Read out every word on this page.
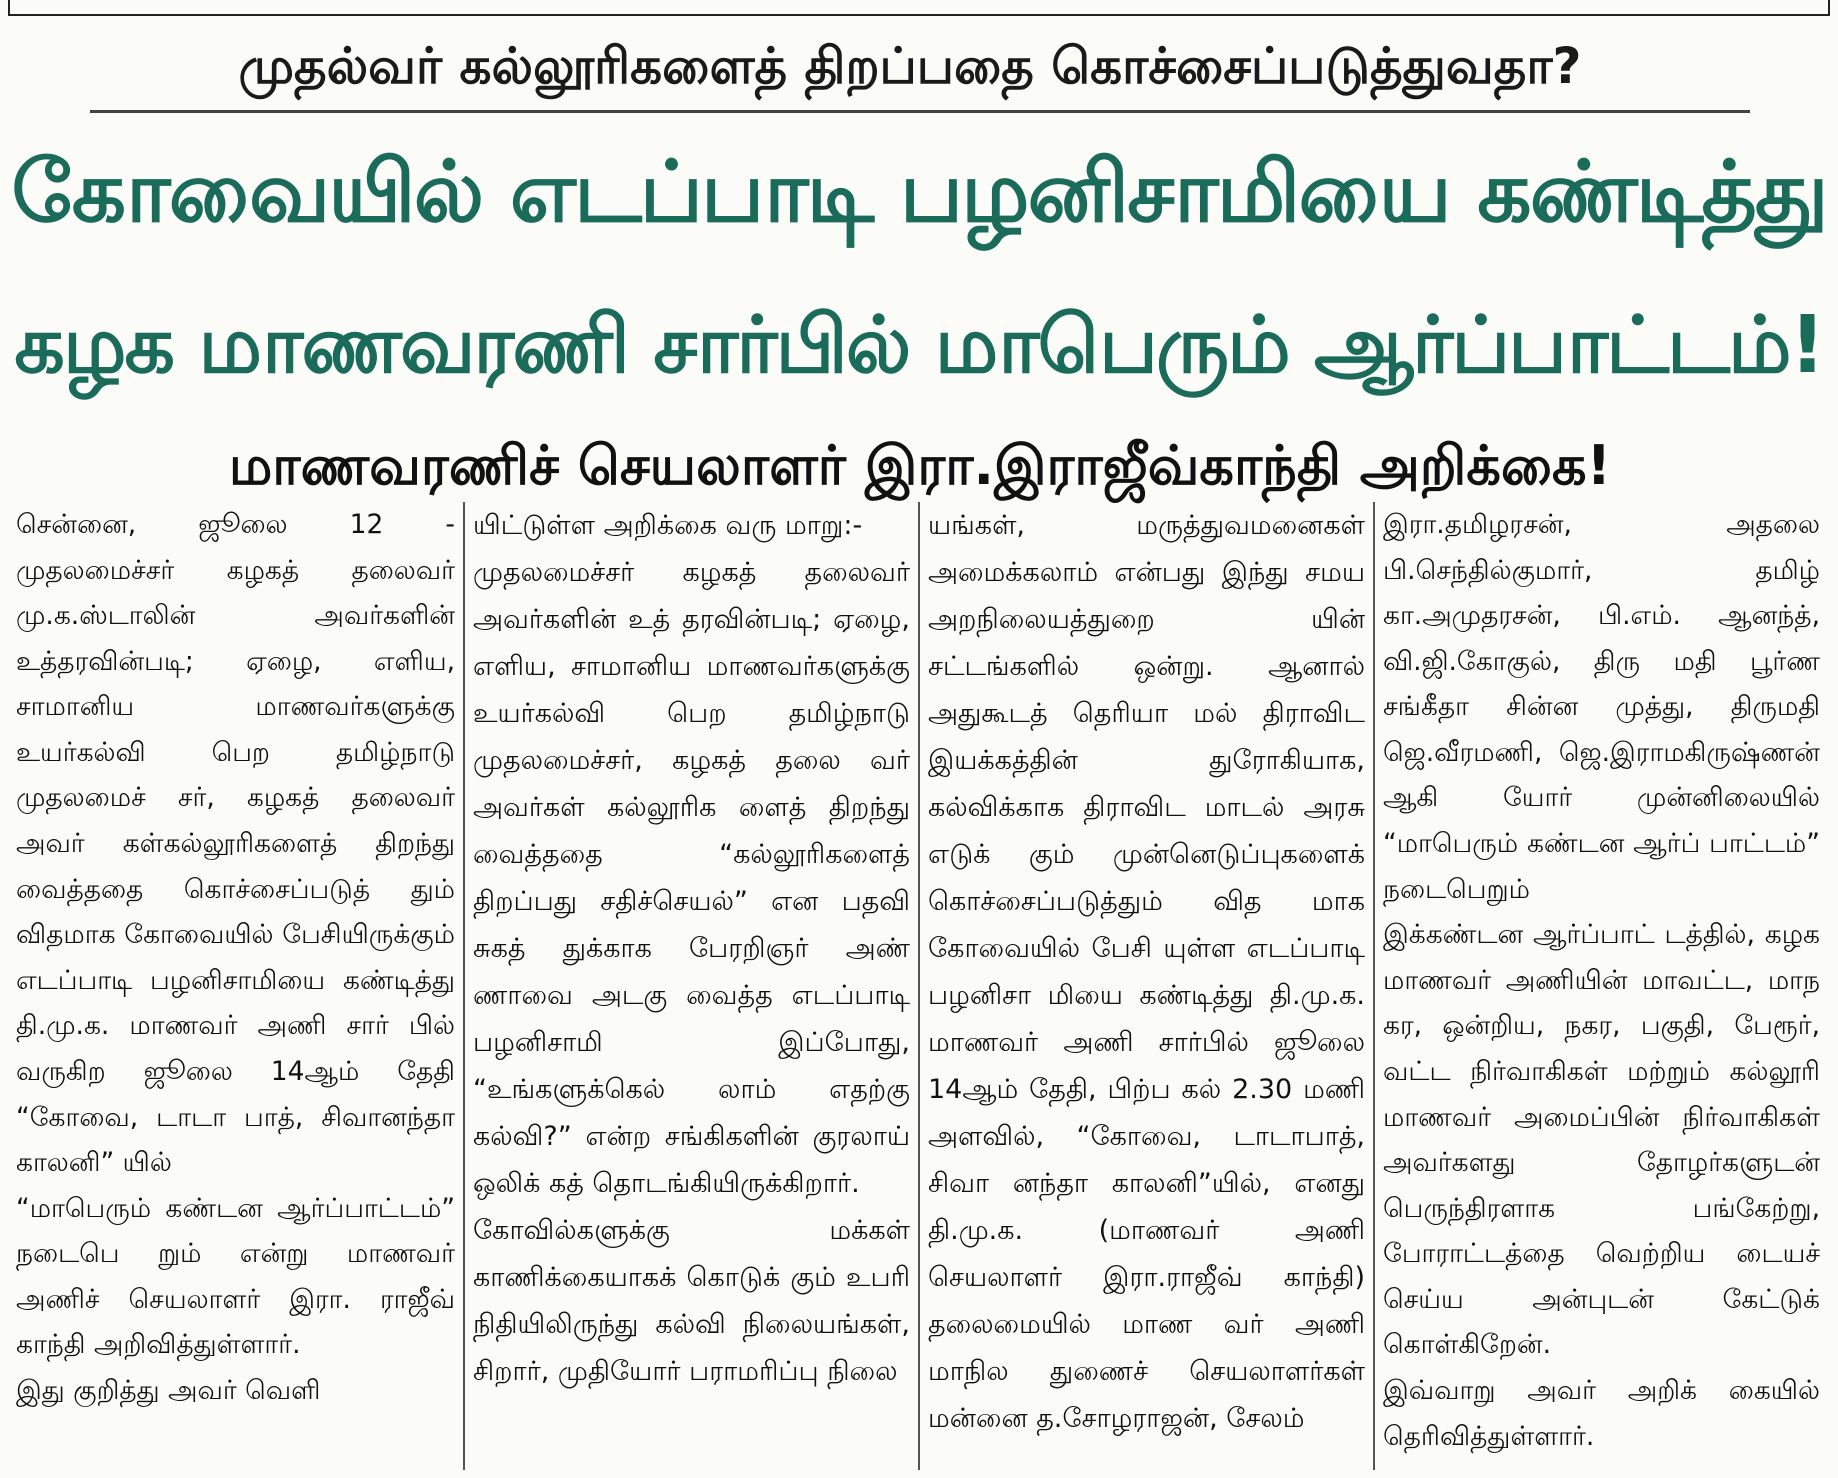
முதல்வர் கல்லூரிகளைத் திறப்பதை கொச்சைப்படுத்துவதா?
கோவையில் எடப்பாடி பழனிசாமியை கண்டித்து
கழக மாணவரணி சார்பில் மாபெரும் ஆர்ப்பாட்டம்!
மாணவரணிச் செயலாளர் இரா.இராஜீவ்காந்தி அறிக்கை!

சென்னை, ஜூலை 12 - முதலமைச்சர் கழகத் தலைவர் மு.க.ஸ்டாலின் அவர்களின் உத்தரவின்படி; ஏழை, எளிய, சாமானிய மாணவர்களுக்கு உயர்கல்வி பெற தமிழ்நாடு முதலமைச் சர், கழகத் தலைவர் அவர் கள்கல்லூரிகளைத் திறந்து வைத்ததை கொச்சைப்படுத் தும் விதமாக கோவையில் பேசியிருக்கும் எடப்பாடி பழனிசாமியை கண்டித்து தி.மு.க. மாணவர் அணி சார் பில் வருகிற ஜூலை 14ஆம் தேதி “கோவை, டாடா பாத், சிவானந்தா காலனி” யில்

“மாபெரும் கண்டன ஆர்ப்பாட்டம்” நடைபெ றும் என்று மாணவர் அணிச் செயலாளர் இரா. ராஜீவ் காந்தி அறிவித்துள்ளார்.

இது குறித்து அவர் வெளி

யிட்டுள்ள அறிக்கை வரு மாறு:-

முதலமைச்சர் கழகத் தலைவர் அவர்களின் உத் தரவின்படி; ஏழை, எளிய, சாமானிய மாணவர்களுக்கு உயர்கல்வி பெற தமிழ்நாடு முதலமைச்சர், கழகத் தலை வர் அவர்கள் கல்லூரிக ளைத் திறந்து வைத்ததை “கல்லூரிகளைத் திறப்பது சதிச்செயல்” என பதவி சுகத் துக்காக பேரறிஞர் அண் ணாவை அடகு வைத்த எடப்பாடி பழனிசாமி இப்போது, “உங்களுக்கெல் லாம் எதற்கு கல்வி?” என்ற சங்கிகளின் குரலாய் ஒலிக் கத் தொடங்கியிருக்கிறார்.

கோவில்களுக்கு மக்கள் காணிக்கையாகக் கொடுக் கும் உபரி நிதியிலிருந்து கல்வி நிலையங்கள், சிறார், முதியோர் பராமரிப்பு நிலை

யங்கள், மருத்துவமனைகள் அமைக்கலாம் என்பது இந்து சமய அறநிலையத்துறை யின் சட்டங்களில் ஒன்று. ஆனால் அதுகூடத் தெரியா மல் திராவிட இயக்கத்தின் துரோகியாக, கல்விக்காக திராவிட மாடல் அரசு எடுக் கும் முன்னெடுப்புகளைக் கொச்சைப்படுத்தும் வித மாக கோவையில் பேசி யுள்ள எடப்பாடி பழனிசா மியை கண்டித்து தி.மு.க. மாணவர் அணி சார்பில் ஜூலை 14ஆம் தேதி, பிற்ப கல் 2.30 மணி அளவில், “கோவை, டாடாபாத், சிவா னந்தா காலனி”யில், எனது தி.மு.க. (மாணவர் அணி செயலாளர் இரா.ராஜீவ் காந்தி) தலைமையில் மாண வர் அணி மாநில துணைச் செயலாளர்கள் மன்னை த.சோழராஜன், சேலம்

இரா.தமிழரசன், அதலை பி.செந்தில்குமார், தமிழ் கா.அமுதரசன், பி.எம். ஆனந்த், வி.ஜி.கோகுல், திரு மதி பூர்ண சங்கீதா சின்ன முத்து, திருமதி ஜெ.வீரமணி, ஜெ.இராமகிருஷ்ணன் ஆகி யோர் முன்னிலையில் “மாபெரும் கண்டன ஆர்ப் பாட்டம்” நடைபெறும்

இக்கண்டன ஆர்ப்பாட் டத்தில், கழக மாணவர் அணியின் மாவட்ட, மாந கர, ஒன்றிய, நகர, பகுதி, பேரூர், வட்ட நிர்வாகிகள் மற்றும் கல்லூரி மாணவர் அமைப்பின் நிர்வாகிகள் அவர்களது தோழர்களுடன் பெருந்திரளாக பங்கேற்று, போராட்டத்தை வெற்றிய டையச் செய்ய அன்புடன் கேட்டுக் கொள்கிறேன்.

இவ்வாறு அவர் அறிக் கையில் தெரிவித்துள்ளார்.
